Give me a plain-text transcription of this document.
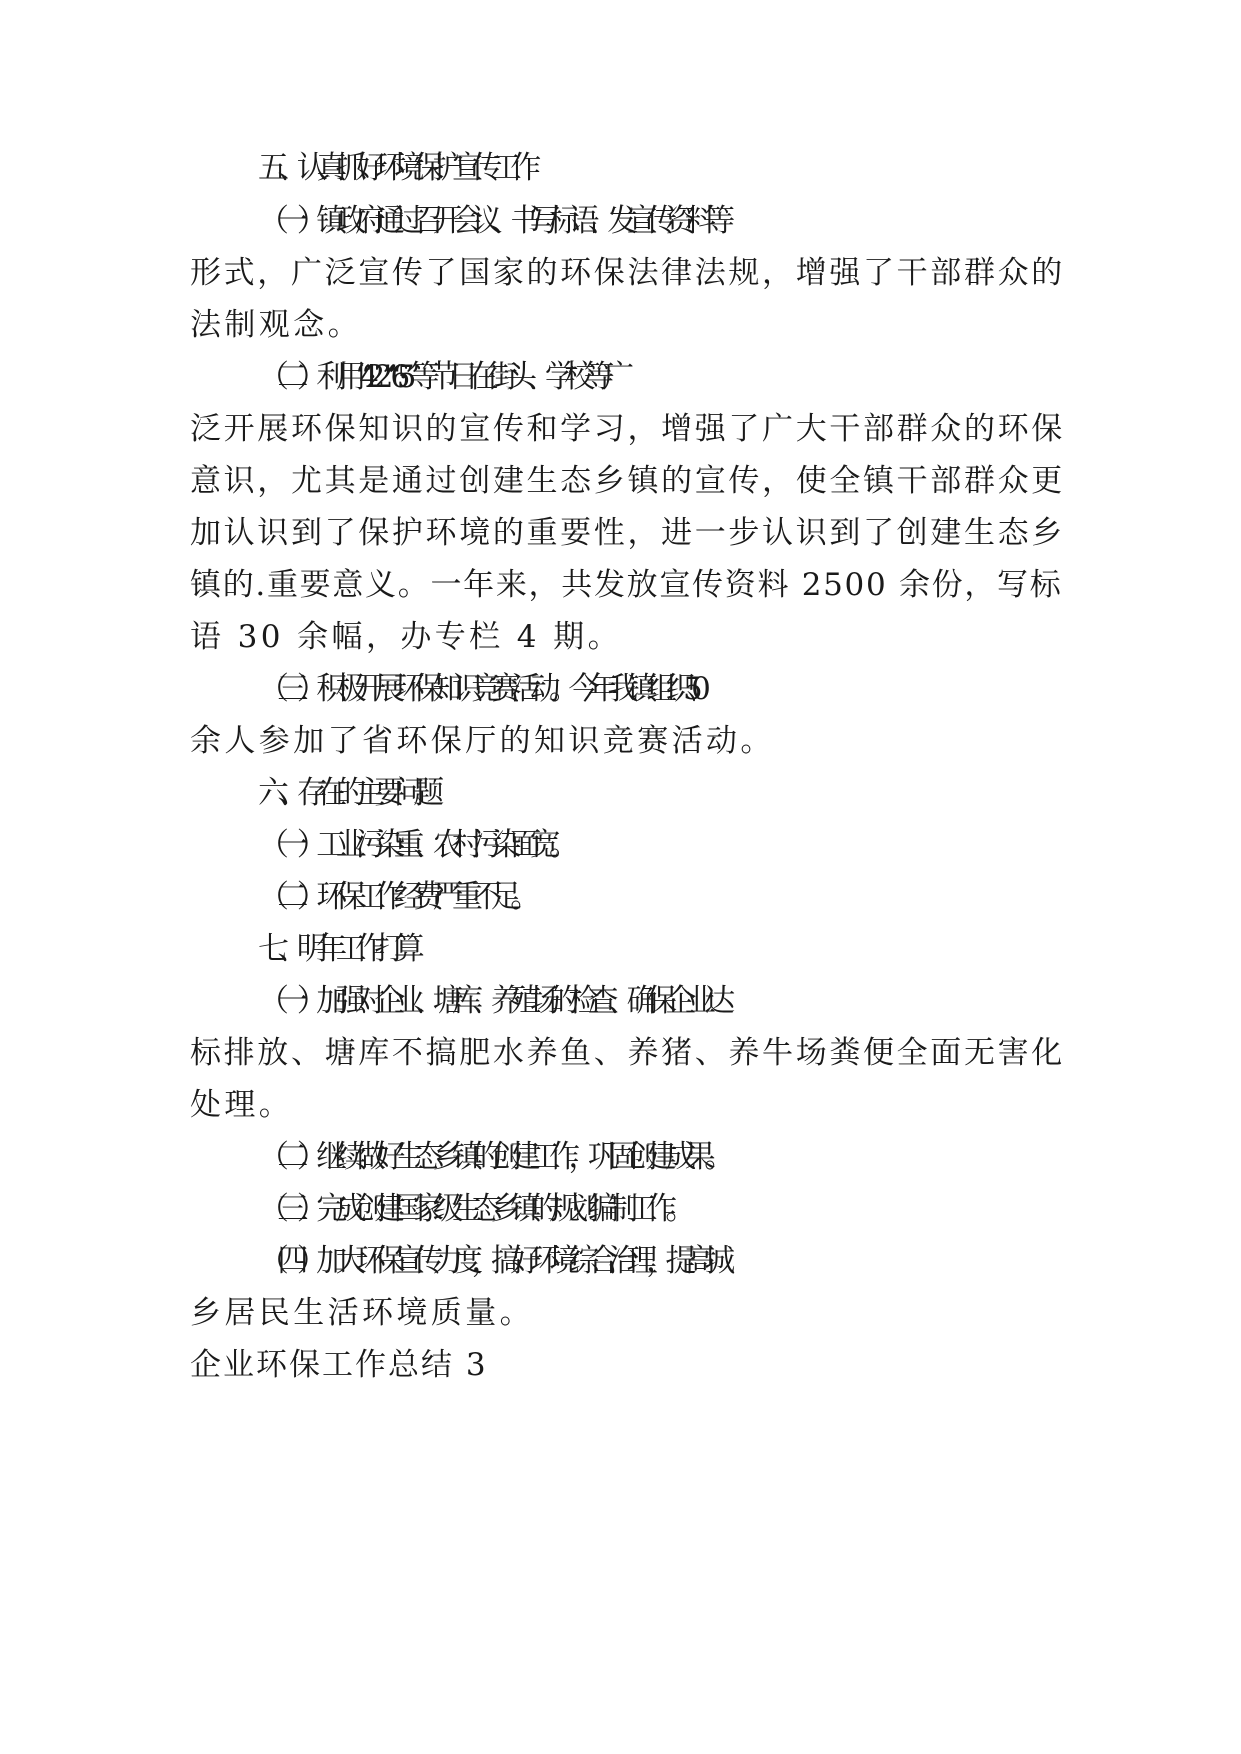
五、认真抓好环境保护宣传工作
（一）镇政府通过召开会议、书写标语、发宣传资料等
形式，广泛宣传了国家的环保法律法规，增强了干部群众的
法制观念。
（二）利用“4·22”“6·5”等节日在街头、学校等广
泛开展环保知识的宣传和学习，增强了广大干部群众的环保
意识，尤其是通过创建生态乡镇的宣传，使全镇干部群众更
加认识到了保护环境的重要性，进一步认识到了创建生态乡
镇的.重要意义。一年来，共发放宣传资料 2500 余份，写标
语 30 余幅，办专栏 4 期。
（三）积极开展环保知识竞赛活动。今年我镇组织 50
余人参加了省环保厅的知识竞赛活动。
六、存在的主要问题
（一）工业污染重、农村污染面宽。
（二）环保工作经费严重不足。
七、明年工作打算
（一）加强对企业、塘库、养殖场的检查、确保企业达
标排放、塘库不搞肥水养鱼、养猪、养牛场粪便全面无害化
处理。
（二）继续做好生态乡镇的创建工作，巩固创建成果。
（三）完成创建国家级生态乡镇的规划编制工作。
（四）加大环保宣传力度，搞好环境综合治理，提高城
乡居民生活环境质量。
企业环保工作总结 3
